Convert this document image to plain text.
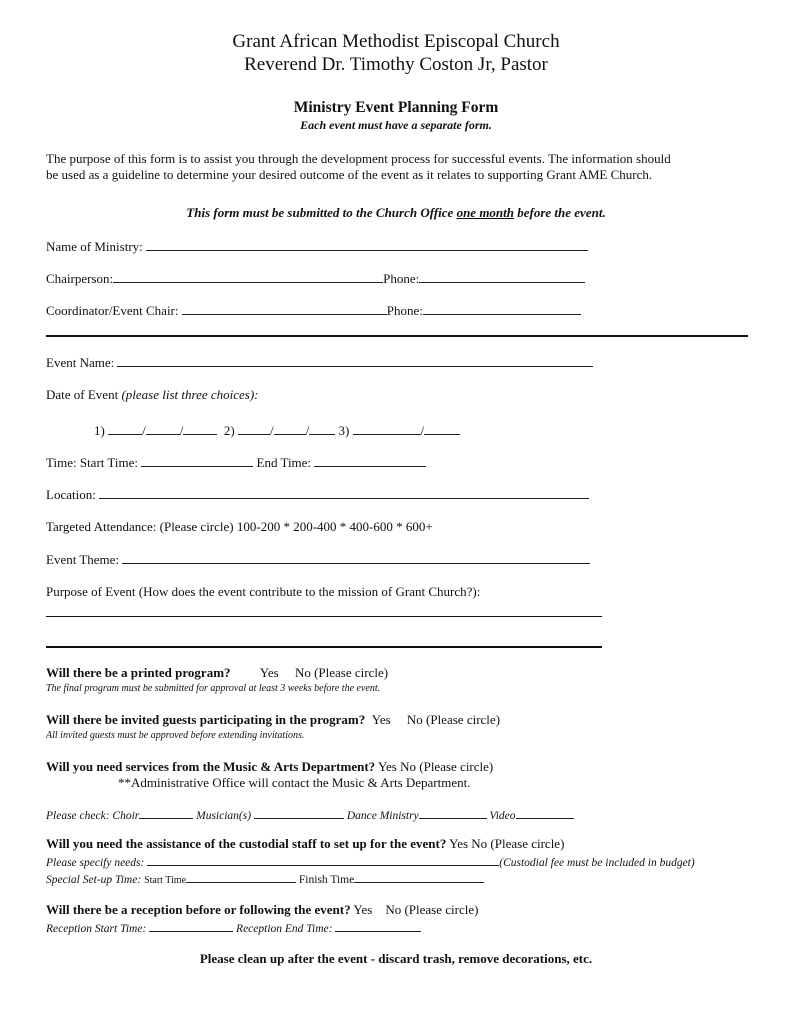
Grant African Methodist Episcopal Church
Reverend Dr. Timothy Coston Jr, Pastor
Ministry Event Planning Form
Each event must have a separate form.
The purpose of this form is to assist you through the development process for successful events. The information should
be used as a guideline to determine your desired outcome of the event as it relates to supporting Grant AME Church.
This form must be submitted to the Church Office one month before the event.
Name of Ministry:
Chairperson:	Phone:
Coordinator/Event Chair:	Phone:
Event Name:
Date of Event (please list three choices):
1)	/	/	2)	/ / 3)	/
Time: Start Time:	End Time:
Location:
Targeted Attendance: (Please circle) 100-200 * 200-400 * 400-600 * 600+
Event Theme:
Purpose of Event (How does the event contribute to the mission of Grant Church?):
Will there be a printed program? Yes     No (Please circle)
The final program must be submitted for approval at least 3 weeks before the event.
Will there be invited guests participating in the program? Yes     No (Please circle)
All invited guests must be approved before extending invitations.
Will you need services from the Music & Arts Department? Yes No (Please circle)
**Administrative Office will contact the Music & Arts Department.
Please check: Choir	Musician(s)	Dance Ministry	Video
Will you need the assistance of the custodial staff to set up for the event? Yes No (Please circle)
Please specify needs:	(Custodial fee must be included in budget)
Special Set-up Time: Start Time	Finish Time
Will there be a reception before or following the event? Yes    No (Please circle)
Reception Start Time:	Reception End Time:
Please clean up after the event - discard trash, remove decorations, etc.
